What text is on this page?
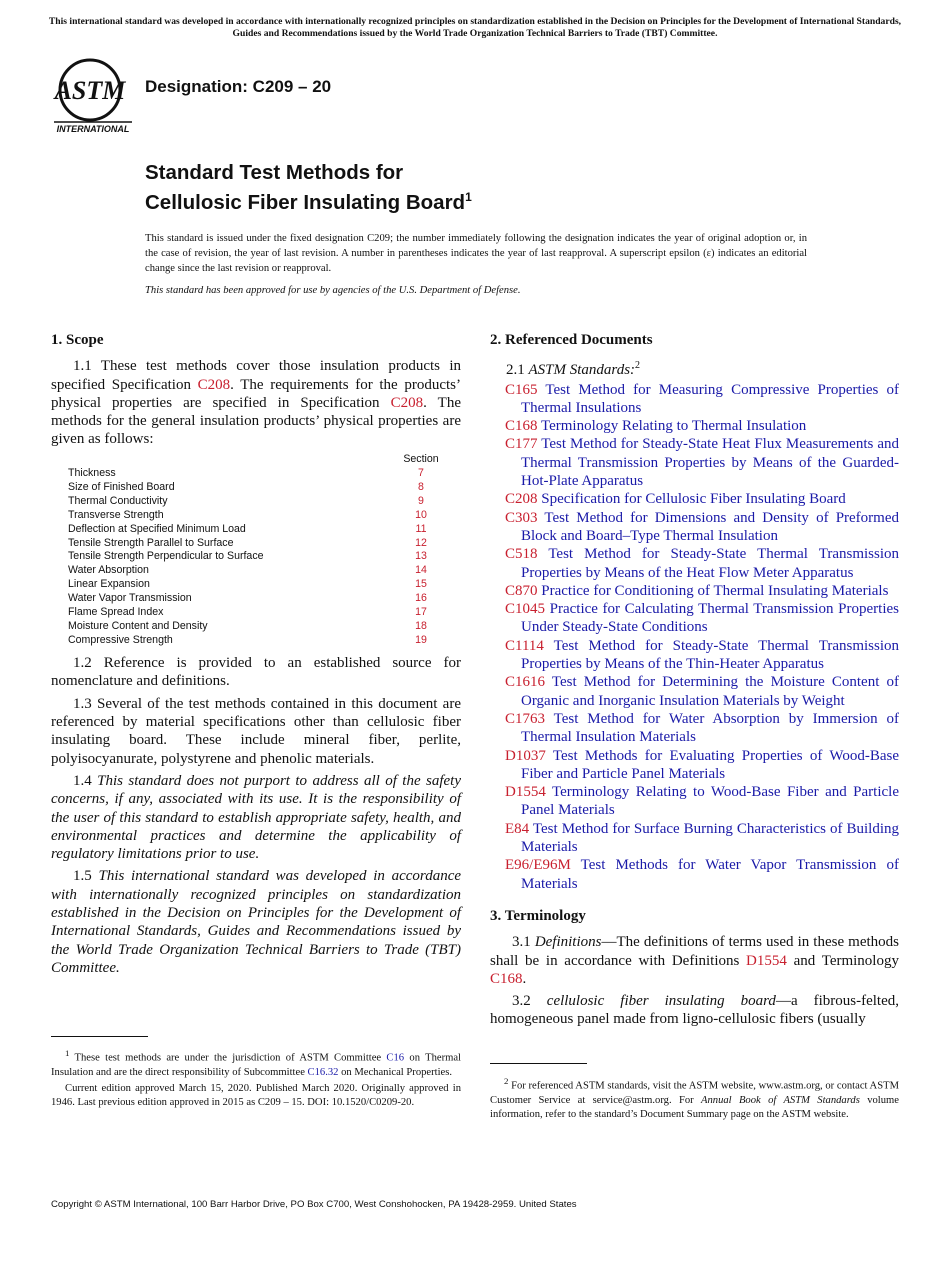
This international standard was developed in accordance with internationally recognized principles on standardization established in the Decision on Principles for the Development of International Standards, Guides and Recommendations issued by the World Trade Organization Technical Barriers to Trade (TBT) Committee.
ASTM
INTERNATIONAL
Designation: C209 – 20
Standard Test Methods for
Cellulosic Fiber Insulating Board$^1$
This standard is issued under the fixed designation C209; the number immediately following the designation indicates the year of original adoption or, in the case of revision, the year of last revision. A number in parentheses indicates the year of last reapproval. A superscript epsilon (ε) indicates an editorial change since the last revision or reapproval.
This standard has been approved for use by agencies of the U.S. Department of Defense.
1. Scope

1.1 These test methods cover those insulation products in specified Specification C208. The requirements for the products’ physical properties are specified in Specification C208. The methods for the general insulation products’ physical properties are given as follows:

Section
Thickness	7
Size of Finished Board	8
Thermal Conductivity	9
Transverse Strength	10
Deflection at Specified Minimum Load	11
Tensile Strength Parallel to Surface	12
Tensile Strength Perpendicular to Surface	13
Water Absorption	14
Linear Expansion	15
Water Vapor Transmission	16
Flame Spread Index	17
Moisture Content and Density	18
Compressive Strength	19

1.2 Reference is provided to an established source for nomenclature and definitions.

1.3 Several of the test methods contained in this document are referenced by material specifications other than cellulosic fiber insulating board. These include mineral fiber, perlite, polyisocyanurate, polystyrene and phenolic materials.

1.4 This standard does not purport to address all of the safety concerns, if any, associated with its use. It is the responsibility of the user of this standard to establish appropriate safety, health, and environmental practices and determine the applicability of regulatory limitations prior to use.

1.5 This international standard was developed in accordance with internationally recognized principles on standardization established in the Decision on Principles for the Development of International Standards, Guides and Recommendations issued by the World Trade Organization Technical Barriers to Trade (TBT) Committee.

2. Referenced Documents
2.1 ASTM Standards:$^2$

C165 Test Method for Measuring Compressive Properties of Thermal Insulations

C168 Terminology Relating to Thermal Insulation

C177 Test Method for Steady-State Heat Flux Measurements and Thermal Transmission Properties by Means of the Guarded-Hot-Plate Apparatus

C208 Specification for Cellulosic Fiber Insulating Board

C303 Test Method for Dimensions and Density of Preformed Block and Board–Type Thermal Insulation

C518 Test Method for Steady-State Thermal Transmission Properties by Means of the Heat Flow Meter Apparatus

C870 Practice for Conditioning of Thermal Insulating Materials

C1045 Practice for Calculating Thermal Transmission Properties Under Steady-State Conditions

C1114 Test Method for Steady-State Thermal Transmission Properties by Means of the Thin-Heater Apparatus

C1616 Test Method for Determining the Moisture Content of Organic and Inorganic Insulation Materials by Weight

C1763 Test Method for Water Absorption by Immersion of Thermal Insulation Materials

D1037 Test Methods for Evaluating Properties of Wood-Base Fiber and Particle Panel Materials

D1554 Terminology Relating to Wood-Base Fiber and Particle Panel Materials

E84 Test Method for Surface Burning Characteristics of Building Materials

E96/E96M Test Methods for Water Vapor Transmission of Materials

3. Terminology

3.1 Definitions—The definitions of terms used in these methods shall be in accordance with Definitions D1554 and Terminology C168.

3.2 cellulosic fiber insulating board—a fibrous-felted, homogeneous panel made from ligno-cellulosic fibers (usually

$^1$ These test methods are under the jurisdiction of ASTM Committee C16 on Thermal Insulation and are the direct responsibility of Subcommittee C16.32 on Mechanical Properties.

Current edition approved March 15, 2020. Published March 2020. Originally approved in 1946. Last previous edition approved in 2015 as C209 – 15. DOI: 10.1520/C0209-20.

$^2$ For referenced ASTM standards, visit the ASTM website, www.astm.org, or contact ASTM Customer Service at service@astm.org. For Annual Book of ASTM Standards volume information, refer to the standard’s Document Summary page on the ASTM website.

Copyright © ASTM International, 100 Barr Harbor Drive, PO Box C700, West Conshohocken, PA 19428-2959. United States
